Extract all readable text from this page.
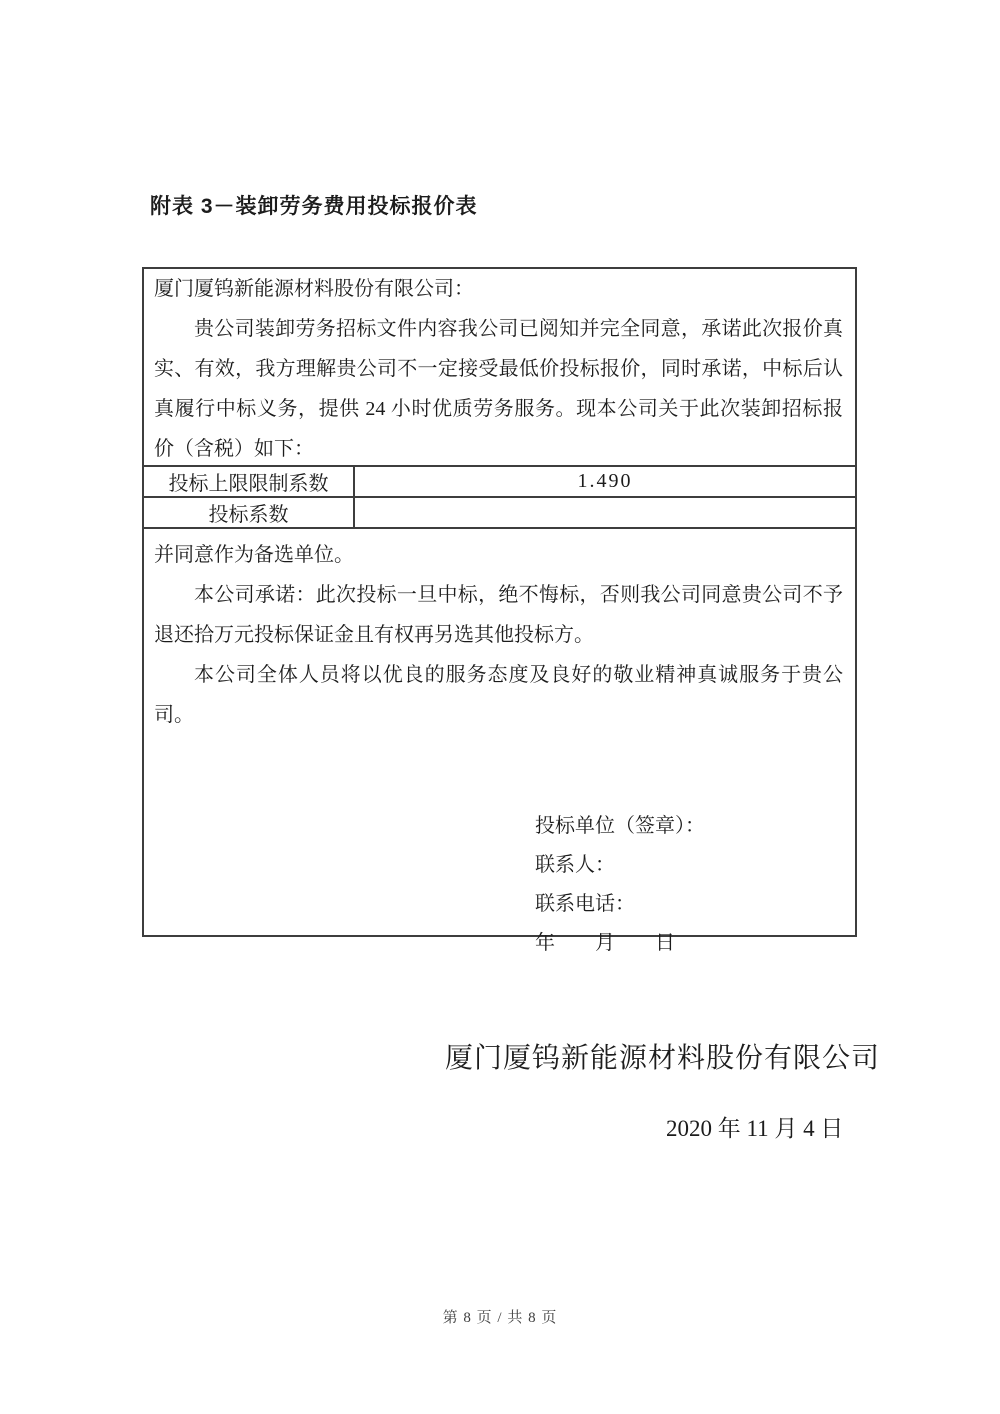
附表 3－装卸劳务费用投标报价表

厦门厦钨新能源材料股份有限公司：

贵公司装卸劳务招标文件内容我公司已阅知并完全同意，承诺此次报价真实、有效，我方理解贵公司不一定接受最低价投标报价，同时承诺，中标后认真履行中标义务，提供 24 小时优质劳务服务。现本公司关于此次装卸招标报价（含税）如下：

投标上限限制系数	1.490
投标系数

并同意作为备选单位。

本公司承诺：此次投标一旦中标，绝不悔标，否则我公司同意贵公司不予退还拾万元投标保证金且有权再另选其他投标方。

本公司全体人员将以优良的服务态度及良好的敬业精神真诚服务于贵公司。

投标单位（签章）：
联系人：
联系电话：
年　　月　　日
厦门厦钨新能源材料股份有限公司
2020 年 11 月 4 日
第 8 页 / 共 8 页
